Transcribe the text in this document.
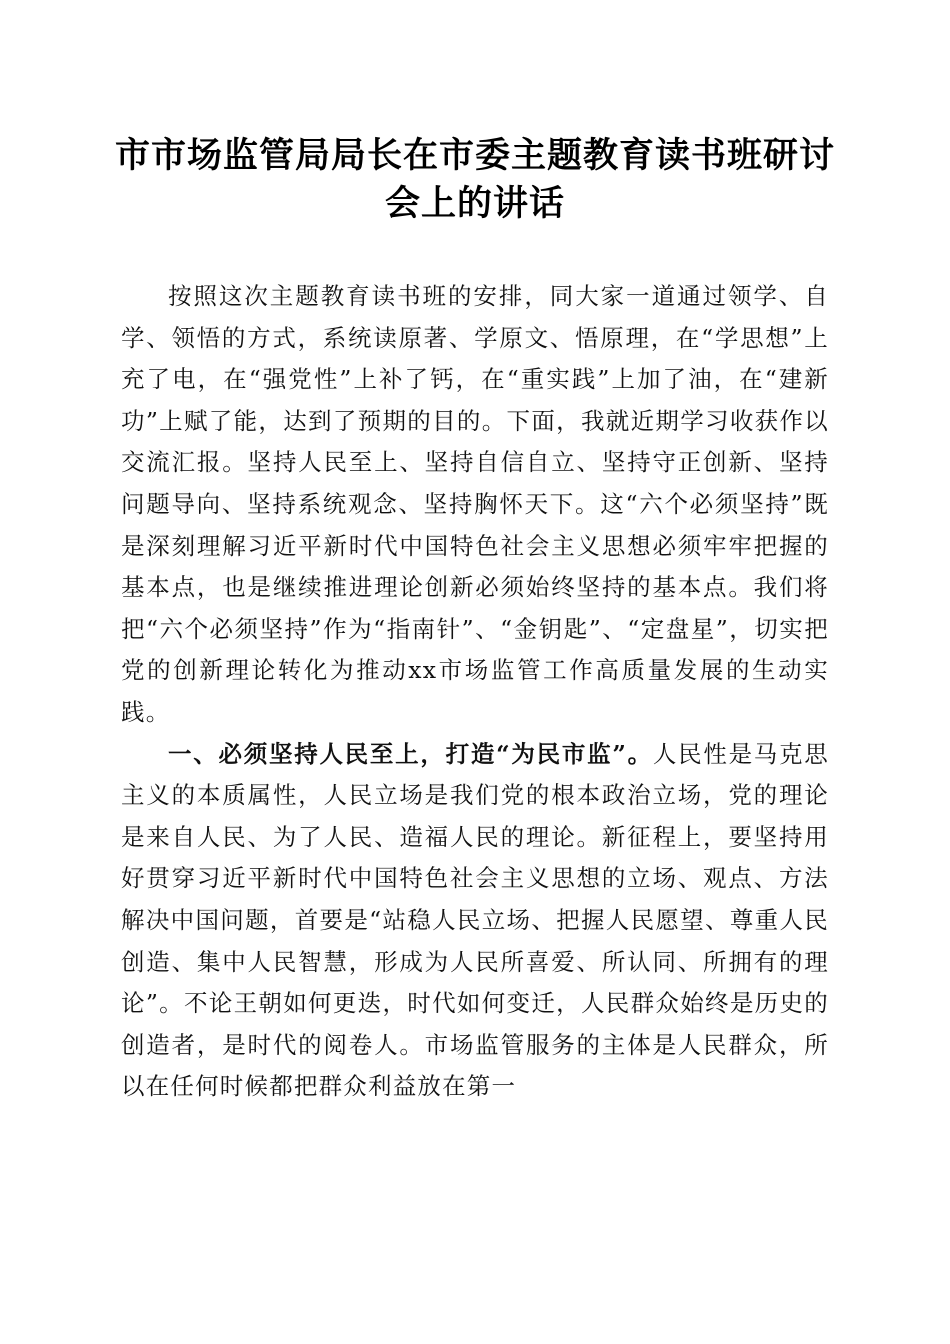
市市场监管局局长在市委主题教育读书班研讨
会上的讲话

按照这次主题教育读书班的安排，同大家一道通过领学、自学、领悟的方式，系统读原著、学原文、悟原理，在“学思想”上充了电，在“强党性”上补了钙，在“重实践”上加了油，在“建新功”上赋了能，达到了预期的目的。下面，我就近期学习收获作以交流汇报。坚持人民至上、坚持自信自立、坚持守正创新、坚持问题导向、坚持系统观念、坚持胸怀天下。这“六个必须坚持”既是深刻理解习近平新时代中国特色社会主义思想必须牢牢把握的基本点，也是继续推进理论创新必须始终坚持的基本点。我们将把“六个必须坚持”作为“指南针”、“金钥匙”、“定盘星”，切实把党的创新理论转化为推动xx市场监管工作高质量发展的生动实践。

一、必须坚持人民至上，打造“为民市监”。人民性是马克思主义的本质属性，人民立场是我们党的根本政治立场，党的理论是来自人民、为了人民、造福人民的理论。新征程上，要坚持用好贯穿习近平新时代中国特色社会主义思想的立场、观点、方法解决中国问题，首要是“站稳人民立场、把握人民愿望、尊重人民创造、集中人民智慧，形成为人民所喜爱、所认同、所拥有的理论”。不论王朝如何更迭，时代如何变迁，人民群众始终是历史的创造者，是时代的阅卷人。市场监管服务的主体是人民群众，所以在任何时候都把群众利益放在第一
